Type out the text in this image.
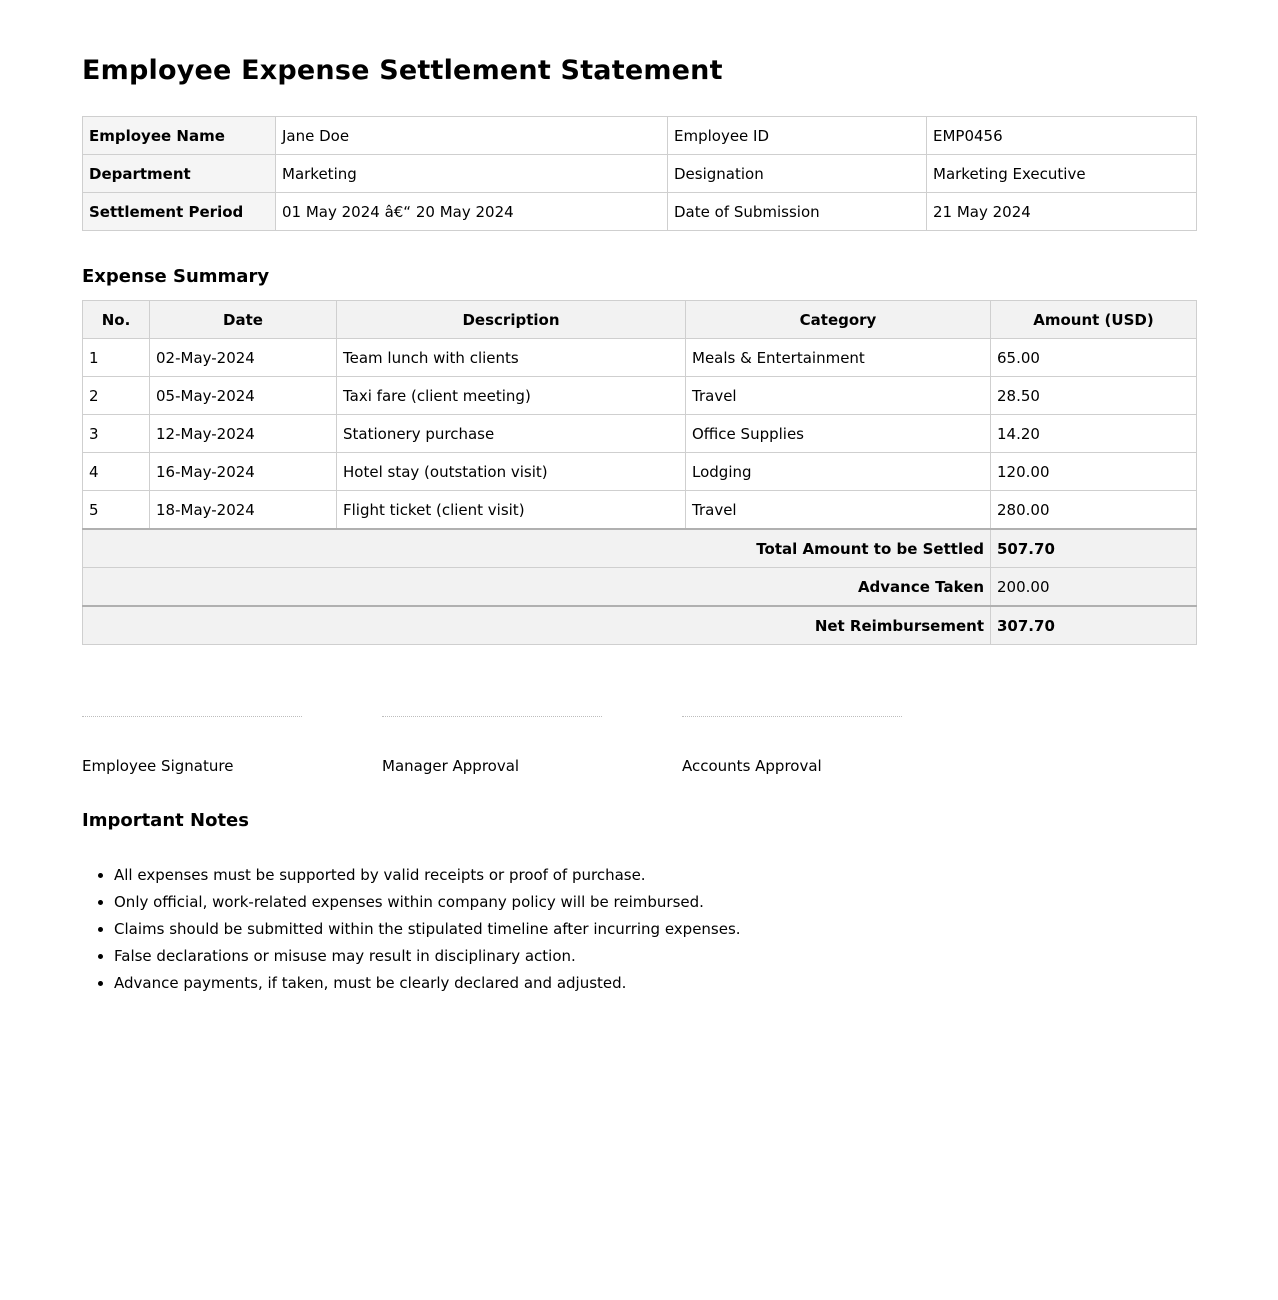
Employee Expense Settlement Statement
Employee Name	Jane Doe	Employee ID	EMP0456
Department	Marketing	Designation	Marketing Executive
Settlement Period	01 May 2024 â€“ 20 May 2024	Date of Submission	21 May 2024
Expense Summary
No.	Date	Description	Category	Amount (USD)
1	02-May-2024	Team lunch with clients	Meals & Entertainment	65.00
2	05-May-2024	Taxi fare (client meeting)	Travel	28.50
3	12-May-2024	Stationery purchase	Office Supplies	14.20
4	16-May-2024	Hotel stay (outstation visit)	Lodging	120.00
5	18-May-2024	Flight ticket (client visit)	Travel	280.00
Total Amount to be Settled				507.70
Advance Taken				200.00
Net Reimbursement				307.70
Employee Signature	Manager Approval	Accounts Approval
Important Notes
• All expenses must be supported by valid receipts or proof of purchase.
• Only official, work-related expenses within company policy will be reimbursed.
• Claims should be submitted within the stipulated timeline after incurring expenses.
• False declarations or misuse may result in disciplinary action.
• Advance payments, if taken, must be clearly declared and adjusted.
